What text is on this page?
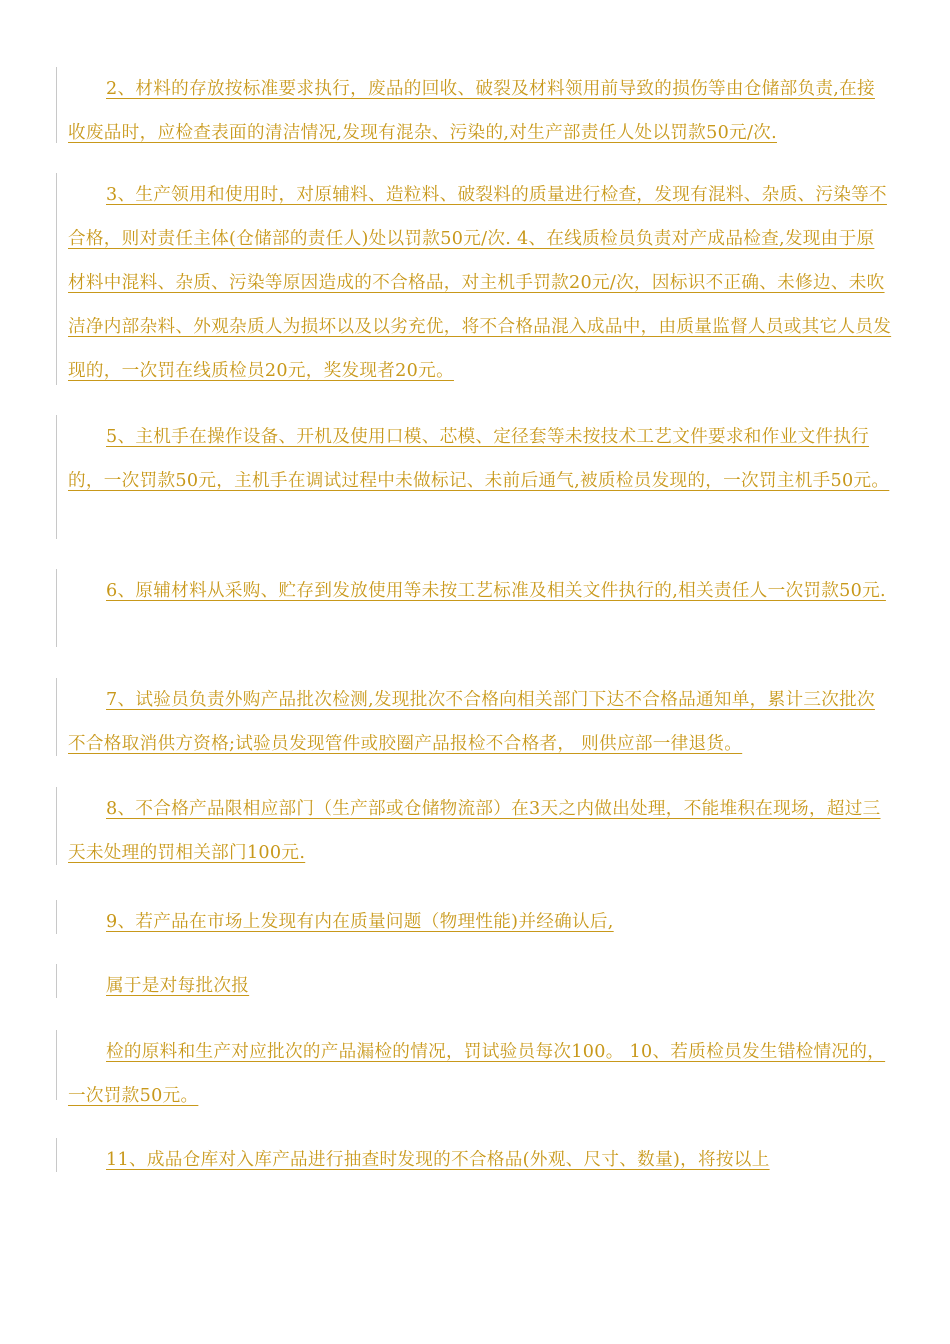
2、材料的存放按标准要求执行，废品的回收、破裂及材料领用前导致的损伤等由仓储部负责,在接收废品时，应检查表面的清洁情况,发现有混杂、污染的,对生产部责任人处以罚款50元/次.

3、生产领用和使用时，对原辅料、造粒料、破裂料的质量进行检查，发现有混料、杂质、污染等不合格，则对责任主体(仓储部的责任人)处以罚款50元/次. 4、在线质检员负责对产成品检查,发现由于原材料中混料、杂质、污染等原因造成的不合格品，对主机手罚款20元/次，因标识不正确、未修边、未吹洁净内部杂料、外观杂质人为损坏以及以劣充优，将不合格品混入成品中，由质量监督人员或其它人员发现的，一次罚在线质检员20元，奖发现者20元。

5、主机手在操作设备、开机及使用口模、芯模、定径套等未按技术工艺文件要求和作业文件执行的，一次罚款50元，主机手在调试过程中未做标记、未前后通气,被质检员发现的，一次罚主机手50元。

6、原辅材料从采购、贮存到发放使用等未按工艺标准及相关文件执行的,相关责任人一次罚款50元.

7、试验员负责外购产品批次检测,发现批次不合格向相关部门下达不合格品通知单，累计三次批次不合格取消供方资格;试验员发现管件或胶圈产品报检不合格者， 则供应部一律退货。

8、不合格产品限相应部门（生产部或仓储物流部）在3天之内做出处理，不能堆积在现场，超过三天未处理的罚相关部门100元.

9、若产品在市场上发现有内在质量问题（物理性能)并经确认后,

属于是对每批次报

检的原料和生产对应批次的产品漏检的情况，罚试验员每次100。 10、若质检员发生错检情况的，一次罚款50元。

11、成品仓库对入库产品进行抽查时发现的不合格品(外观、尺寸、数量)，将按以上
